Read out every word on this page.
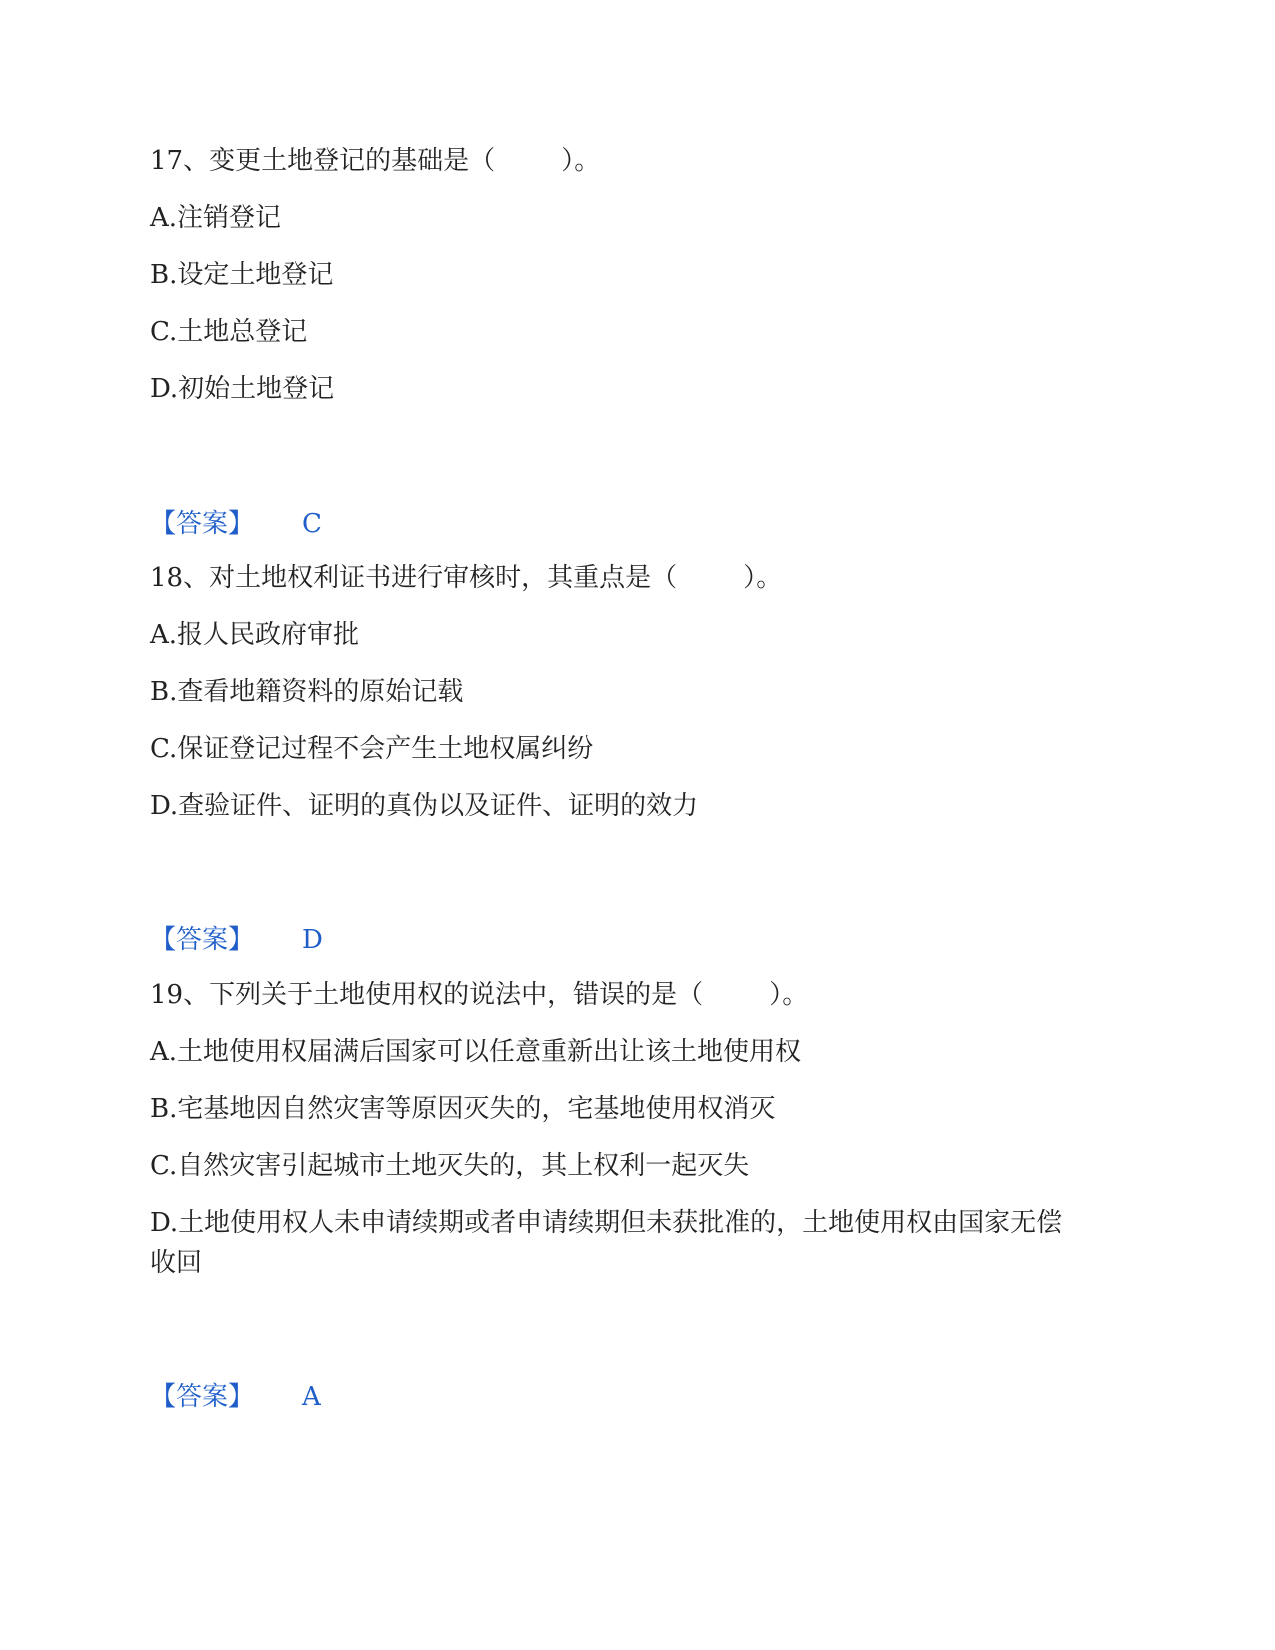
17、变更土地登记的基础是（        ）。
A.注销登记
B.设定土地登记
C.土地总登记
D.初始土地登记
【答案】 C
18、对土地权利证书进行审核时，其重点是（        ）。
A.报人民政府审批
B.查看地籍资料的原始记载
C.保证登记过程不会产生土地权属纠纷
D.查验证件、证明的真伪以及证件、证明的效力
【答案】 D
19、下列关于土地使用权的说法中，错误的是（        ）。
A.土地使用权届满后国家可以任意重新出让该土地使用权
B.宅基地因自然灾害等原因灭失的，宅基地使用权消灭
C.自然灾害引起城市土地灭失的，其上权利一起灭失
D.土地使用权人未申请续期或者申请续期但未获批准的，土地使用权由国家无偿收回
【答案】 A
